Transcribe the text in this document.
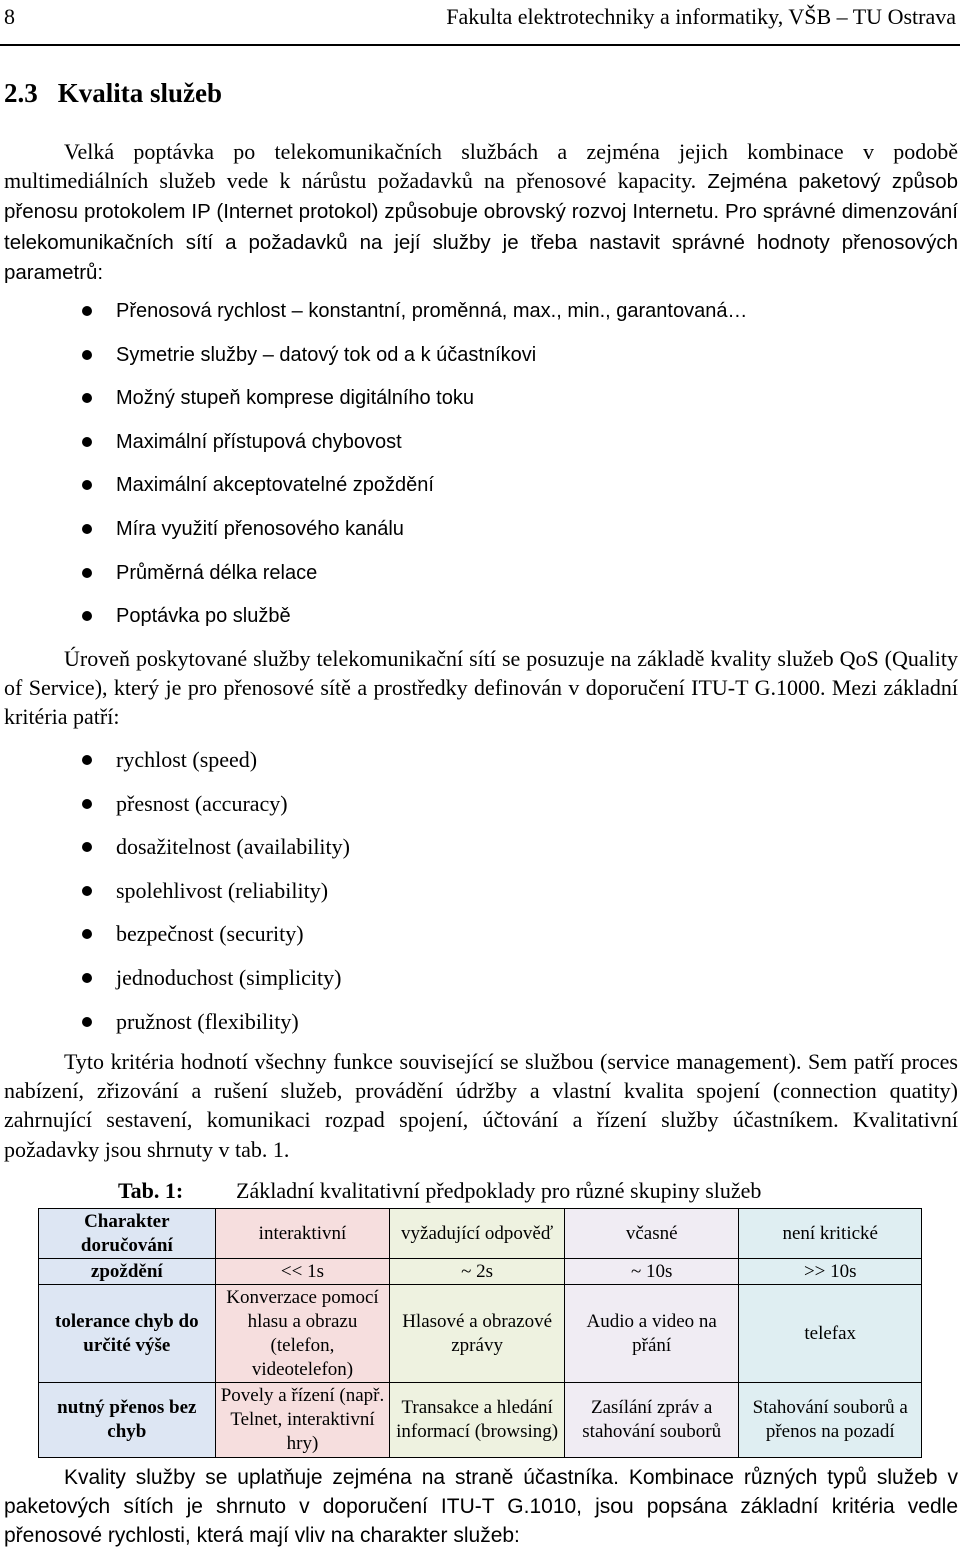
8	Fakulta elektrotechniky a informatiky, VŠB – TU Ostrava
2.3 Kvalita služeb
Velká poptávka po telekomunikačních službách a zejména jejich kombinace v podobě multimediálních služeb vede k nárůstu požadavků na přenosové kapacity. Zejména paketový způsob přenosu protokolem IP (Internet protokol) způsobuje obrovský rozvoj Internetu. Pro správné dimenzování telekomunikačních sítí a požadavků na její služby je třeba nastavit správné hodnoty přenosových parametrů:
Přenosová rychlost – konstantní, proměnná, max., min., garantovaná…
Symetrie služby – datový tok od a k účastníkovi
Možný stupeň komprese digitálního toku
Maximální přístupová chybovost
Maximální akceptovatelné zpoždění
Míra využití přenosového kanálu
Průměrná délka relace
Poptávka po službě
Úroveň poskytované služby telekomunikační sítí se posuzuje na základě kvality služeb QoS (Quality of Service), který je pro přenosové sítě a prostředky definován v doporučení ITU-T G.1000. Mezi základní kritéria patří:
rychlost (speed)
přesnost (accuracy)
dosažitelnost (availability)
spolehlivost (reliability)
bezpečnost (security)
jednoduchost (simplicity)
pružnost (flexibility)
Tyto kritéria hodnotí všechny funkce související se službou (service management). Sem patří proces nabízení, zřizování a rušení služeb, provádění údržby a vlastní kvalita spojení (connection quatity) zahrnující sestavení, komunikaci rozpad spojení, účtování a řízení služby účastníkem. Kvalitativní požadavky jsou shrnuty v tab. 1.
Tab. 1: Základní kvalitativní předpoklady pro různé skupiny služeb
Charakter doručování	interaktivní	vyžadující odpověď	včasné	není kritické
zpoždění	<< 1s	~ 2s	~ 10s	>> 10s
tolerance chyb do určité výše	Konverzace pomocí hlasu a obrazu (telefon, videotelefon)	Hlasové a obrazové zprávy	Audio a video na přání	telefax
nutný přenos bez chyb	Povely a řízení (např. Telnet, interaktivní hry)	Transakce a hledání informací (browsing)	Zasílání zpráv a stahování souborů	Stahování souborů a přenos na pozadí
Kvality služby se uplatňuje zejména na straně účastníka. Kombinace různých typů služeb v paketových sítích je shrnuto v doporučení ITU-T G.1010, jsou popsána základní kritéria vedle přenosové rychlosti, která mají vliv na charakter služeb:
